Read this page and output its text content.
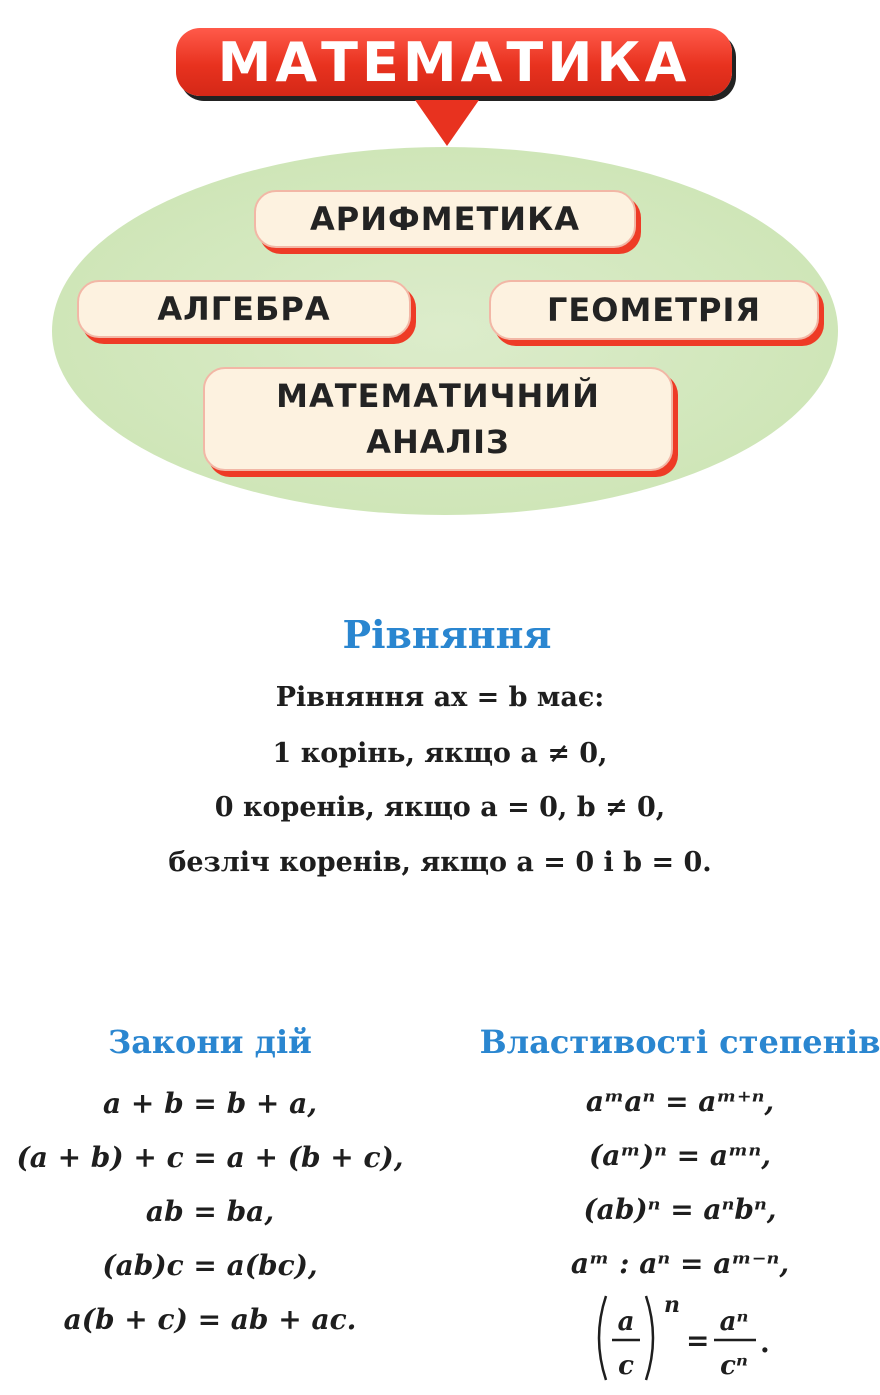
МАТЕМАТИКА
АРИФМЕТИКА
АЛГЕБРА	ГЕОМЕТРІЯ
МАТЕМАТИЧНИЙ
АНАЛІЗ
Рівняння
Рівняння ax = b має:
1 корінь, якщо a ≠ 0,
0 коренів, якщо a = 0, b ≠ 0,
безліч коренів, якщо a = 0 і b = 0.
Закони дій
a + b = b + a,
(a + b) + c = a + (b + c),
ab = ba,
(ab)c = a(bc),
a(b + c) = ab + ac.
Властивості степенів
aᵐaⁿ = aᵐ⁺ⁿ,
(aᵐ)ⁿ = aᵐⁿ,
(ab)ⁿ = aⁿbⁿ,
aᵐ : aⁿ = aᵐ⁻ⁿ,
a
c
n
=
aⁿ
cⁿ
.
